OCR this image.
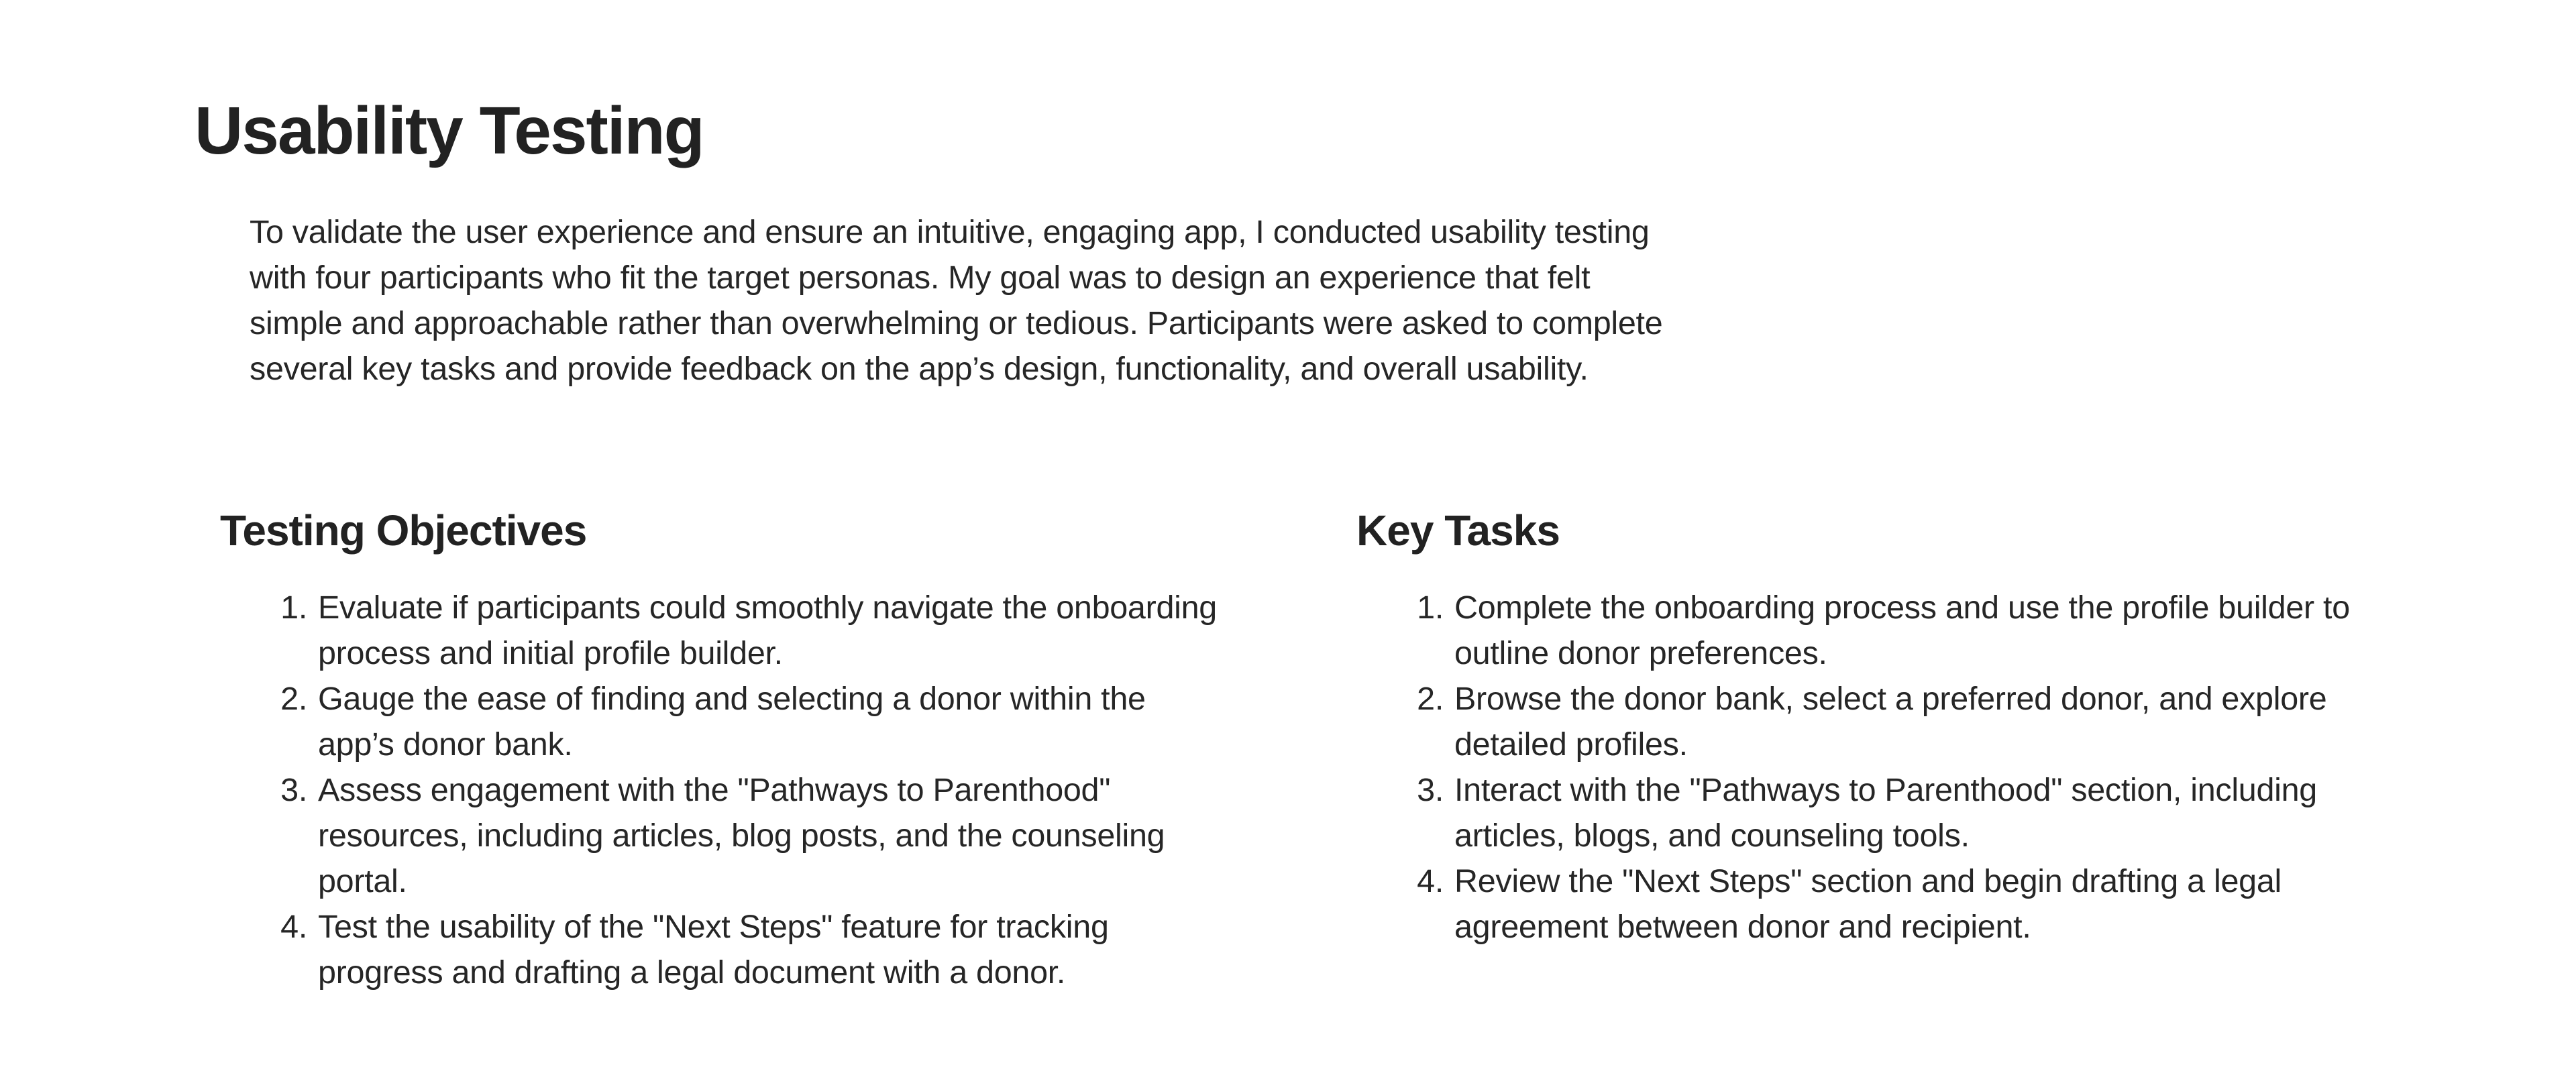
Usability Testing

To validate the user experience and ensure an intuitive, engaging app, I conducted usability testing with four participants who fit the target personas. My goal was to design an experience that felt simple and approachable rather than overwhelming or tedious. Participants were asked to complete several key tasks and provide feedback on the app’s design, functionality, and overall usability.

Testing Objectives
1. Evaluate if participants could smoothly navigate the onboarding process and initial profile builder.
2. Gauge the ease of finding and selecting a donor within the app’s donor bank.
3. Assess engagement with the "Pathways to Parenthood" resources, including articles, blog posts, and the counseling portal.
4. Test the usability of the "Next Steps" feature for tracking progress and drafting a legal document with a donor.
Key Tasks
1. Complete the onboarding process and use the profile builder to outline donor preferences.
2. Browse the donor bank, select a preferred donor, and explore detailed profiles.
3. Interact with the "Pathways to Parenthood" section, including articles, blogs, and counseling tools.
4. Review the "Next Steps" section and begin drafting a legal agreement between donor and recipient.
